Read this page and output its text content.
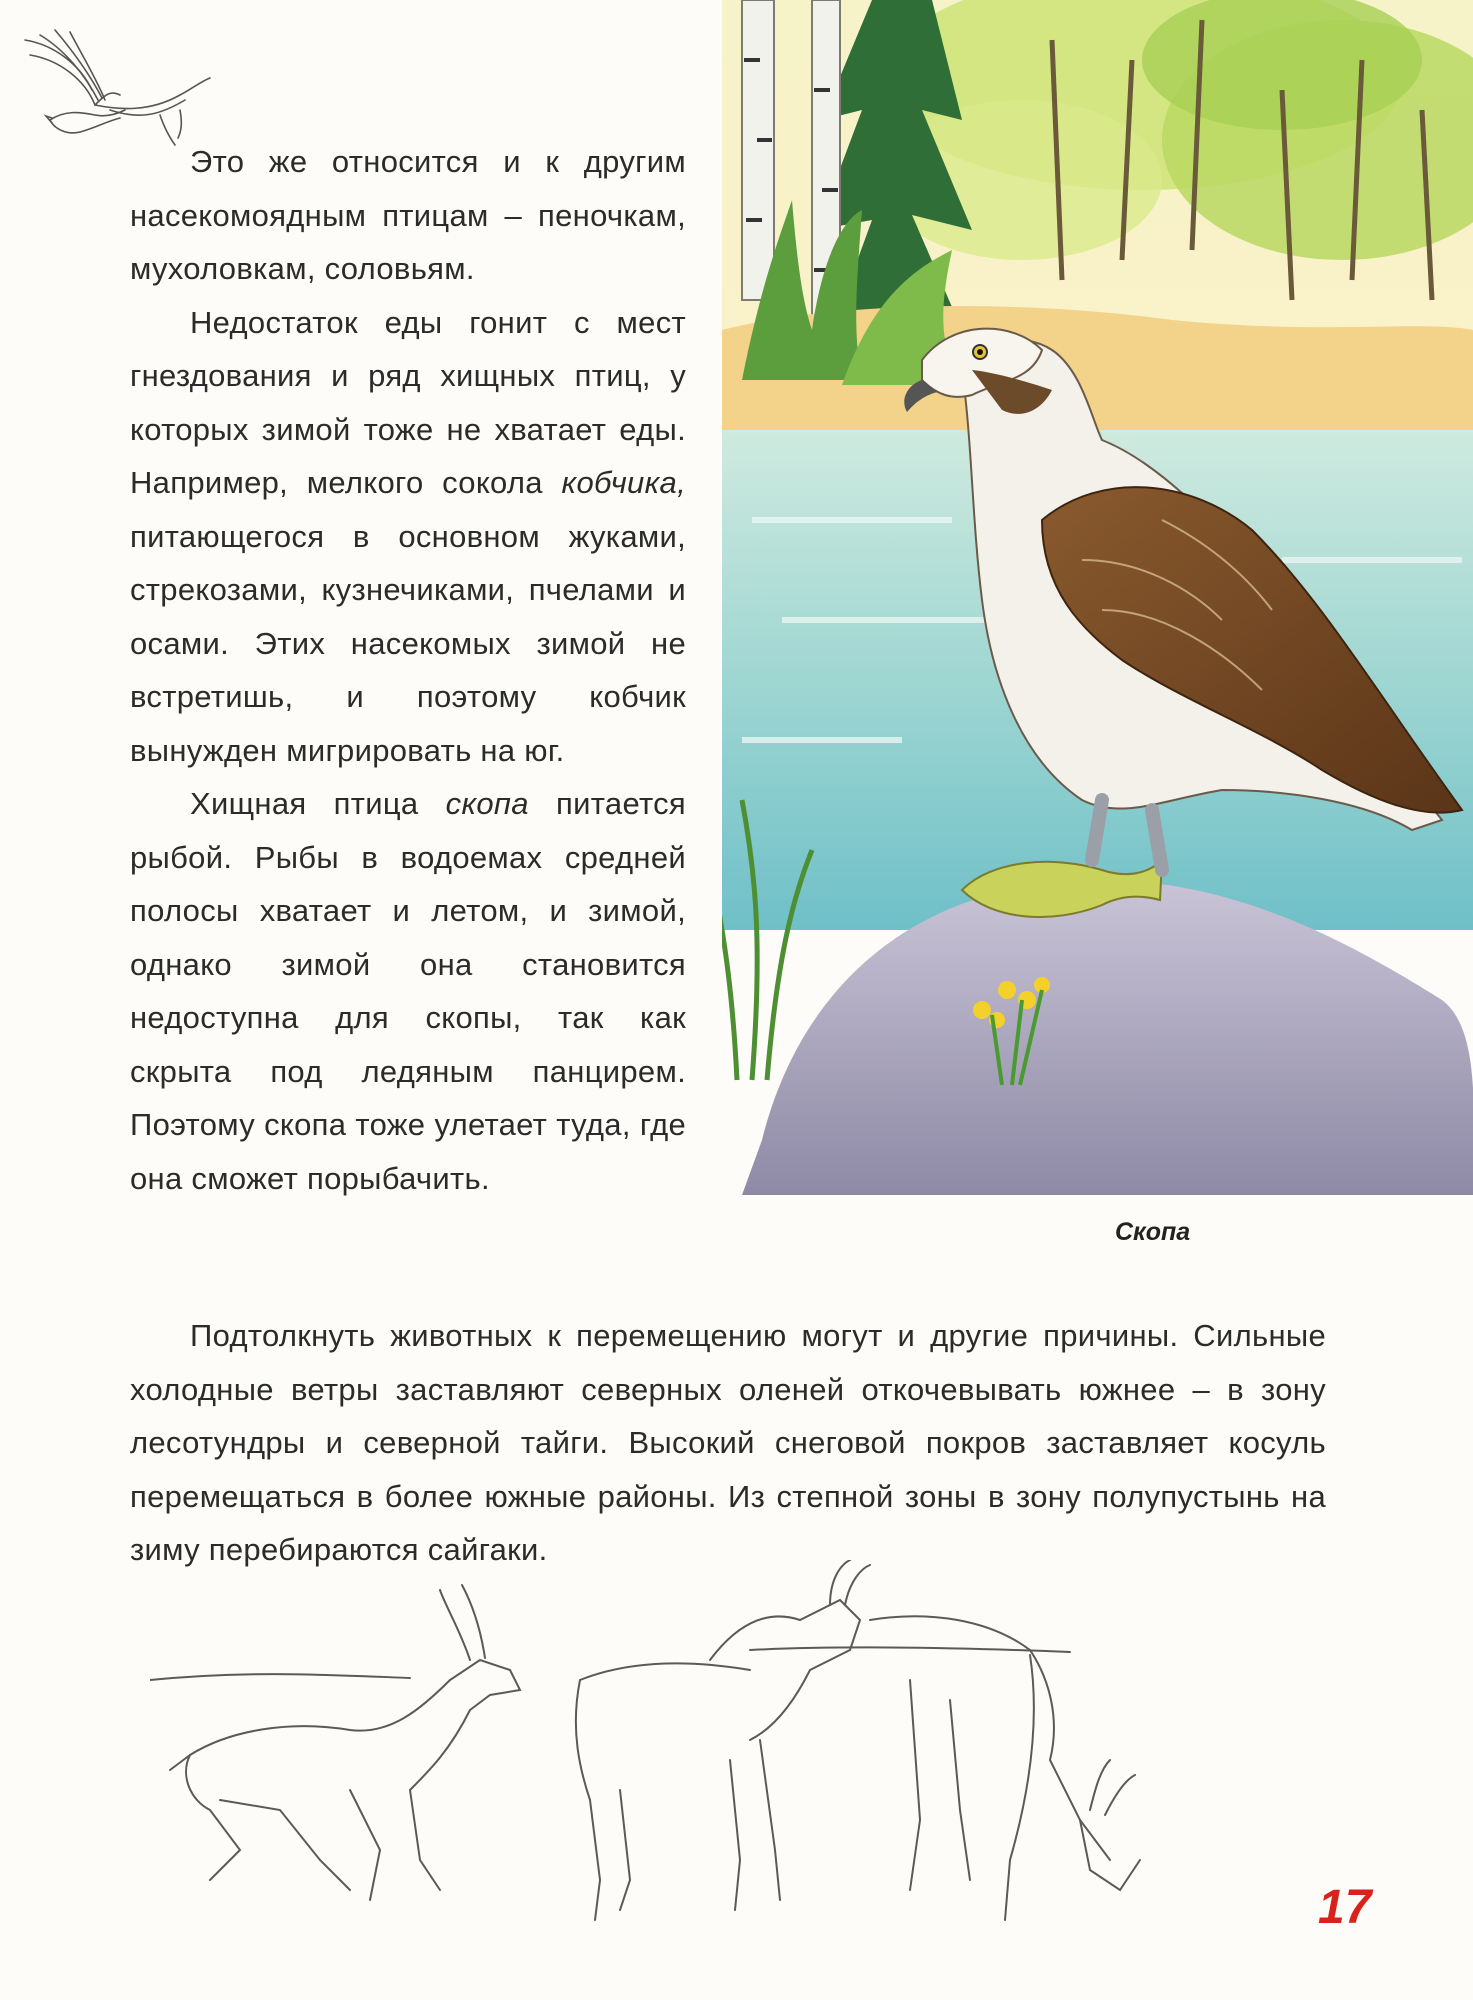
Скопа

Это же относится и к другим насекомоядным птицам – пеночкам, мухоловкам, соловьям.

Недостаток еды гонит с мест гнездования и ряд хищных птиц, у которых зимой тоже не хватает еды. Например, мелкого сокола кобчика, питающегося в основном жуками, стрекозами, кузнечиками, пчелами и осами. Этих насекомых зимой не встретишь, и поэтому кобчик вынужден мигрировать на юг.

Хищная птица скопа питается рыбой. Рыбы в водоемах средней полосы хватает и летом, и зимой, однако зимой она становится недоступна для скопы, так как скрыта под ледяным панцирем. Поэтому скопа тоже улетает туда, где она сможет порыбачить.

Подтолкнуть животных к перемещению могут и другие причины. Сильные холодные ветры заставляют северных оленей откочевывать южнее – в зону лесотундры и северной тайги. Высокий снеговой покров заставляет косуль перемещаться в более южные районы. Из степной зоны в зону полупустынь на зиму перебираются сайгаки.

17
